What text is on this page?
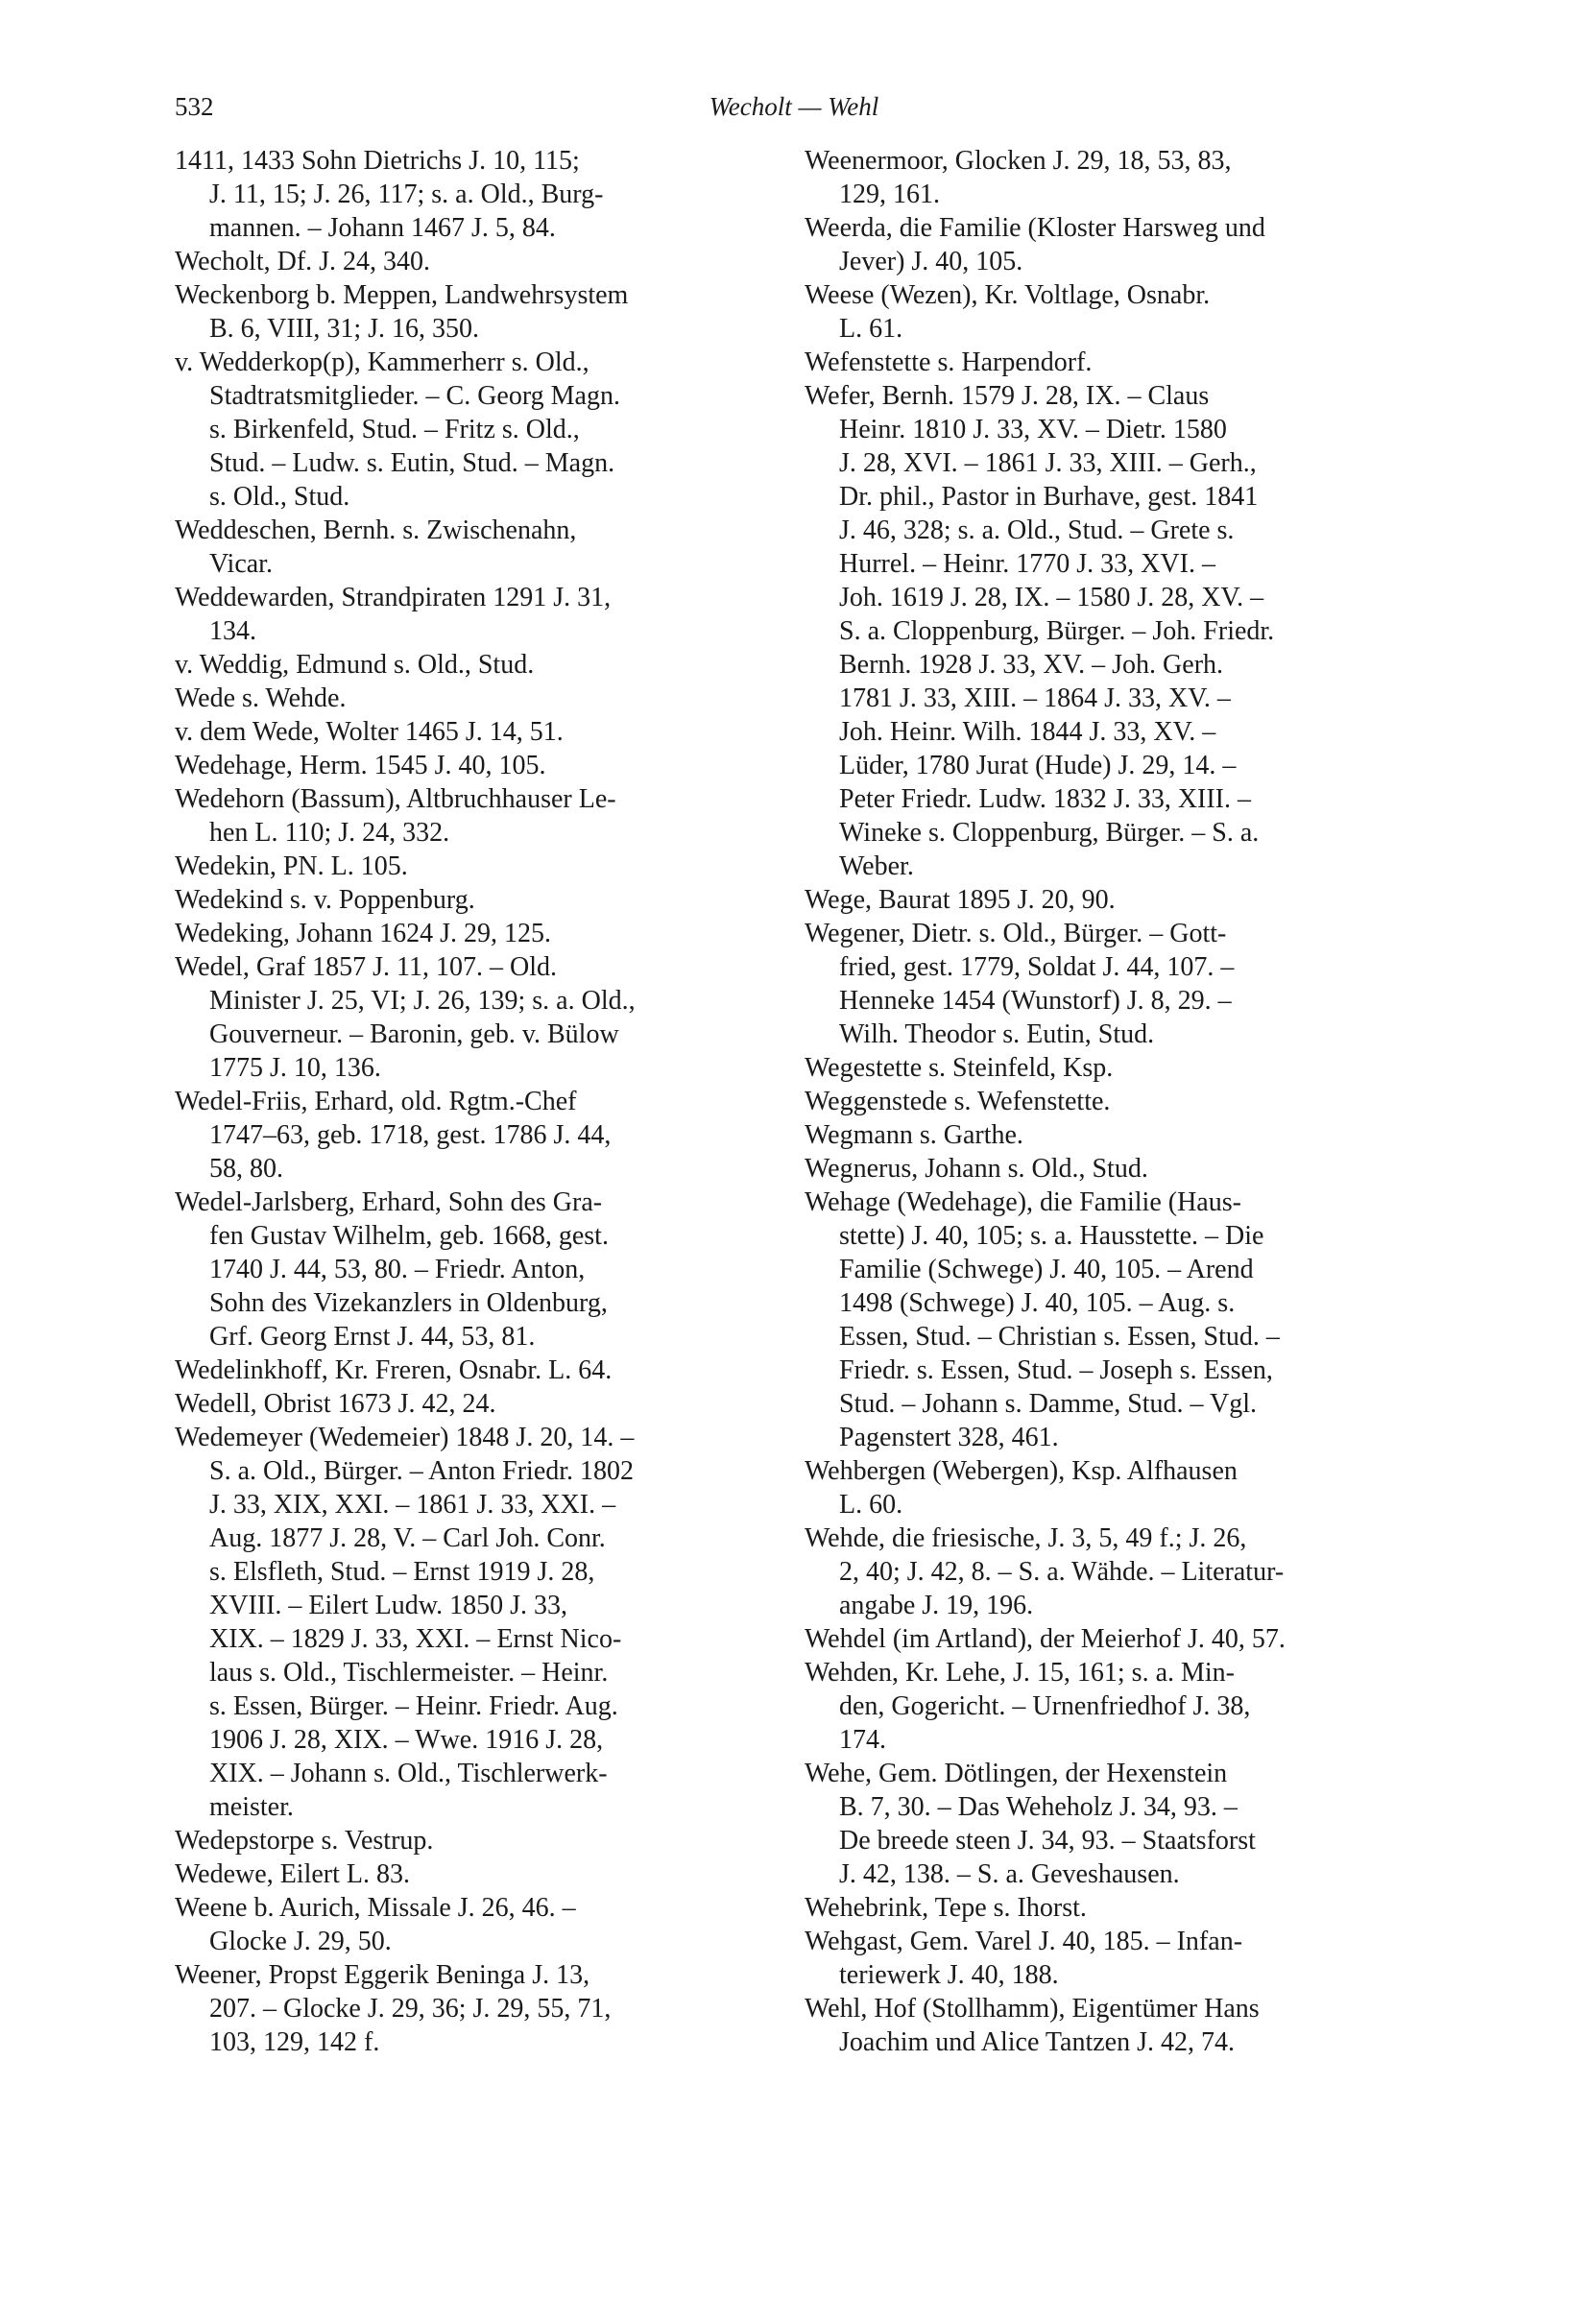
532	Wecholt — Wehl
1411, 1433 Sohn Dietrichs J. 10, 115;
J. 11, 15; J. 26, 117; s. a. Old., Burg-
mannen. – Johann 1467 J. 5, 84.
Wecholt, Df. J. 24, 340.
Weckenborg b. Meppen, Landwehrsystem
B. 6, VIII, 31; J. 16, 350.
v. Wedderkop(p), Kammerherr s. Old.,
Stadtratsmitglieder. – C. Georg Magn.
s. Birkenfeld, Stud. – Fritz s. Old.,
Stud. – Ludw. s. Eutin, Stud. – Magn.
s. Old., Stud.
Weddeschen, Bernh. s. Zwischenahn,
Vicar.
Weddewarden, Strandpiraten 1291 J. 31,
134.
v. Weddig, Edmund s. Old., Stud.
Wede s. Wehde.
v. dem Wede, Wolter 1465 J. 14, 51.
Wedehage, Herm. 1545 J. 40, 105.
Wedehorn (Bassum), Altbruchhauser Le-
hen L. 110; J. 24, 332.
Wedekin, PN. L. 105.
Wedekind s. v. Poppenburg.
Wedeking, Johann 1624 J. 29, 125.
Wedel, Graf 1857 J. 11, 107. – Old.
Minister J. 25, VI; J. 26, 139; s. a. Old.,
Gouverneur. – Baronin, geb. v. Bülow
1775 J. 10, 136.
Wedel-Friis, Erhard, old. Rgtm.-Chef
1747–63, geb. 1718, gest. 1786 J. 44,
58, 80.
Wedel-Jarlsberg, Erhard, Sohn des Gra-
fen Gustav Wilhelm, geb. 1668, gest.
1740 J. 44, 53, 80. – Friedr. Anton,
Sohn des Vizekanzlers in Oldenburg,
Grf. Georg Ernst J. 44, 53, 81.
Wedelinkhoff, Kr. Freren, Osnabr. L. 64.
Wedell, Obrist 1673 J. 42, 24.
Wedemeyer (Wedemeier) 1848 J. 20, 14. –
S. a. Old., Bürger. – Anton Friedr. 1802
J. 33, XIX, XXI. – 1861 J. 33, XXI. –
Aug. 1877 J. 28, V. – Carl Joh. Conr.
s. Elsfleth, Stud. – Ernst 1919 J. 28,
XVIII. – Eilert Ludw. 1850 J. 33,
XIX. – 1829 J. 33, XXI. – Ernst Nico-
laus s. Old., Tischlermeister. – Heinr.
s. Essen, Bürger. – Heinr. Friedr. Aug.
1906 J. 28, XIX. – Wwe. 1916 J. 28,
XIX. – Johann s. Old., Tischlerwerk-
meister.
Wedepstorpe s. Vestrup.
Wedewe, Eilert L. 83.
Weene b. Aurich, Missale J. 26, 46. –
Glocke J. 29, 50.
Weener, Propst Eggerik Beninga J. 13,
207. – Glocke J. 29, 36; J. 29, 55, 71,
103, 129, 142 f.
Weenermoor, Glocken J. 29, 18, 53, 83,
129, 161.
Weerda, die Familie (Kloster Harsweg und
Jever) J. 40, 105.
Weese (Wezen), Kr. Voltlage, Osnabr.
L. 61.
Wefenstette s. Harpendorf.
Wefer, Bernh. 1579 J. 28, IX. – Claus
Heinr. 1810 J. 33, XV. – Dietr. 1580
J. 28, XVI. – 1861 J. 33, XIII. – Gerh.,
Dr. phil., Pastor in Burhave, gest. 1841
J. 46, 328; s. a. Old., Stud. – Grete s.
Hurrel. – Heinr. 1770 J. 33, XVI. –
Joh. 1619 J. 28, IX. – 1580 J. 28, XV. –
S. a. Cloppenburg, Bürger. – Joh. Friedr.
Bernh. 1928 J. 33, XV. – Joh. Gerh.
1781 J. 33, XIII. – 1864 J. 33, XV. –
Joh. Heinr. Wilh. 1844 J. 33, XV. –
Lüder, 1780 Jurat (Hude) J. 29, 14. –
Peter Friedr. Ludw. 1832 J. 33, XIII. –
Wineke s. Cloppenburg, Bürger. – S. a.
Weber.
Wege, Baurat 1895 J. 20, 90.
Wegener, Dietr. s. Old., Bürger. – Gott-
fried, gest. 1779, Soldat J. 44, 107. –
Henneke 1454 (Wunstorf) J. 8, 29. –
Wilh. Theodor s. Eutin, Stud.
Wegestette s. Steinfeld, Ksp.
Weggenstede s. Wefenstette.
Wegmann s. Garthe.
Wegnerus, Johann s. Old., Stud.
Wehage (Wedehage), die Familie (Haus-
stette) J. 40, 105; s. a. Hausstette. – Die
Familie (Schwege) J. 40, 105. – Arend
1498 (Schwege) J. 40, 105. – Aug. s.
Essen, Stud. – Christian s. Essen, Stud. –
Friedr. s. Essen, Stud. – Joseph s. Essen,
Stud. – Johann s. Damme, Stud. – Vgl.
Pagenstert 328, 461.
Wehbergen (Webergen), Ksp. Alfhausen
L. 60.
Wehde, die friesische, J. 3, 5, 49 f.; J. 26,
2, 40; J. 42, 8. – S. a. Wähde. – Literatur-
angabe J. 19, 196.
Wehdel (im Artland), der Meierhof J. 40, 57.
Wehden, Kr. Lehe, J. 15, 161; s. a. Min-
den, Gogericht. – Urnenfriedhof J. 38,
174.
Wehe, Gem. Dötlingen, der Hexenstein
B. 7, 30. – Das Weheholz J. 34, 93. –
De breede steen J. 34, 93. – Staatsforst
J. 42, 138. – S. a. Geveshausen.
Wehebrink, Tepe s. Ihorst.
Wehgast, Gem. Varel J. 40, 185. – Infan-
teriewerk J. 40, 188.
Wehl, Hof (Stollhamm), Eigentümer Hans
Joachim und Alice Tantzen J. 42, 74.
